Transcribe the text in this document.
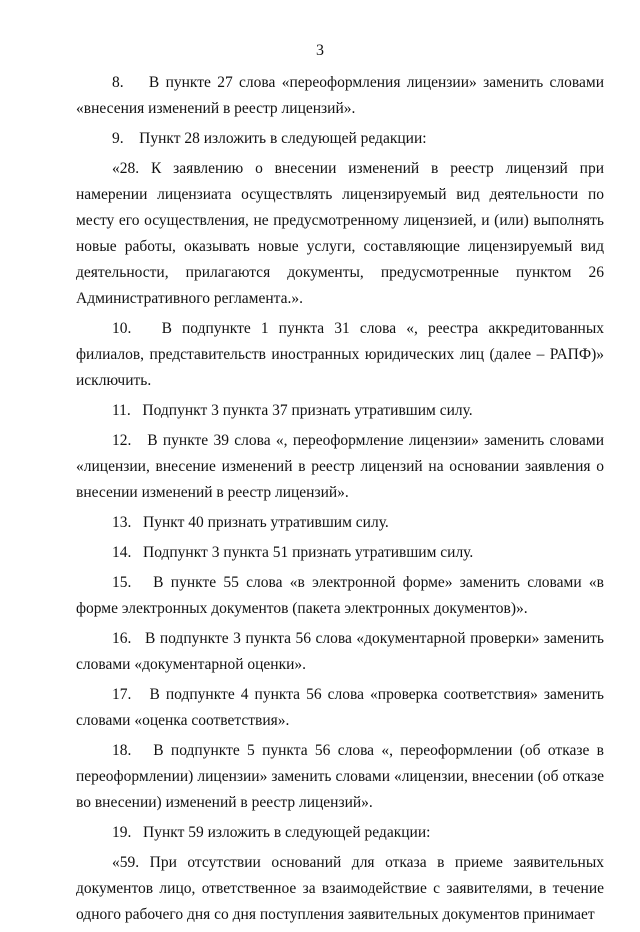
3

8.    В пункте 27 слова «переоформления лицензии» заменить словами «внесения изменений в реестр лицензий».

9.    Пункт 28 изложить в следующей редакции:

«28. К заявлению о внесении изменений в реестр лицензий при намерении лицензиата осуществлять лицензируемый вид деятельности по месту его осуществления, не предусмотренному лицензией, и (или) выполнять новые работы, оказывать новые услуги, составляющие лицензируемый вид деятельности, прилагаются документы, предусмотренные пунктом 26 Административного регламента.».

10.   В подпункте 1 пункта 31 слова «, реестра аккредитованных филиалов, представительств иностранных юридических лиц (далее – РАПФ)» исключить.

11.   Подпункт 3 пункта 37 признать утратившим силу.

12.   В пункте 39 слова «, переоформление лицензии» заменить словами «лицензии, внесение изменений в реестр лицензий на основании заявления о внесении изменений в реестр лицензий».

13.   Пункт 40 признать утратившим силу.

14.   Подпункт 3 пункта 51 признать утратившим силу.

15.   В пункте 55 слова «в электронной форме» заменить словами «в форме электронных документов (пакета электронных документов)».

16.   В подпункте 3 пункта 56 слова «документарной проверки» заменить словами «документарной оценки».

17.   В подпункте 4 пункта 56 слова «проверка соответствия» заменить словами «оценка соответствия».

18.   В подпункте 5 пункта 56 слова «, переоформлении (об отказе в переоформлении) лицензии» заменить словами «лицензии, внесении (об отказе во внесении) изменений в реестр лицензий».

19.   Пункт 59 изложить в следующей редакции:

«59. При отсутствии оснований для отказа в приеме заявительных документов лицо, ответственное за взаимодействие с заявителями, в течение одного рабочего дня со дня поступления заявительных документов принимает
